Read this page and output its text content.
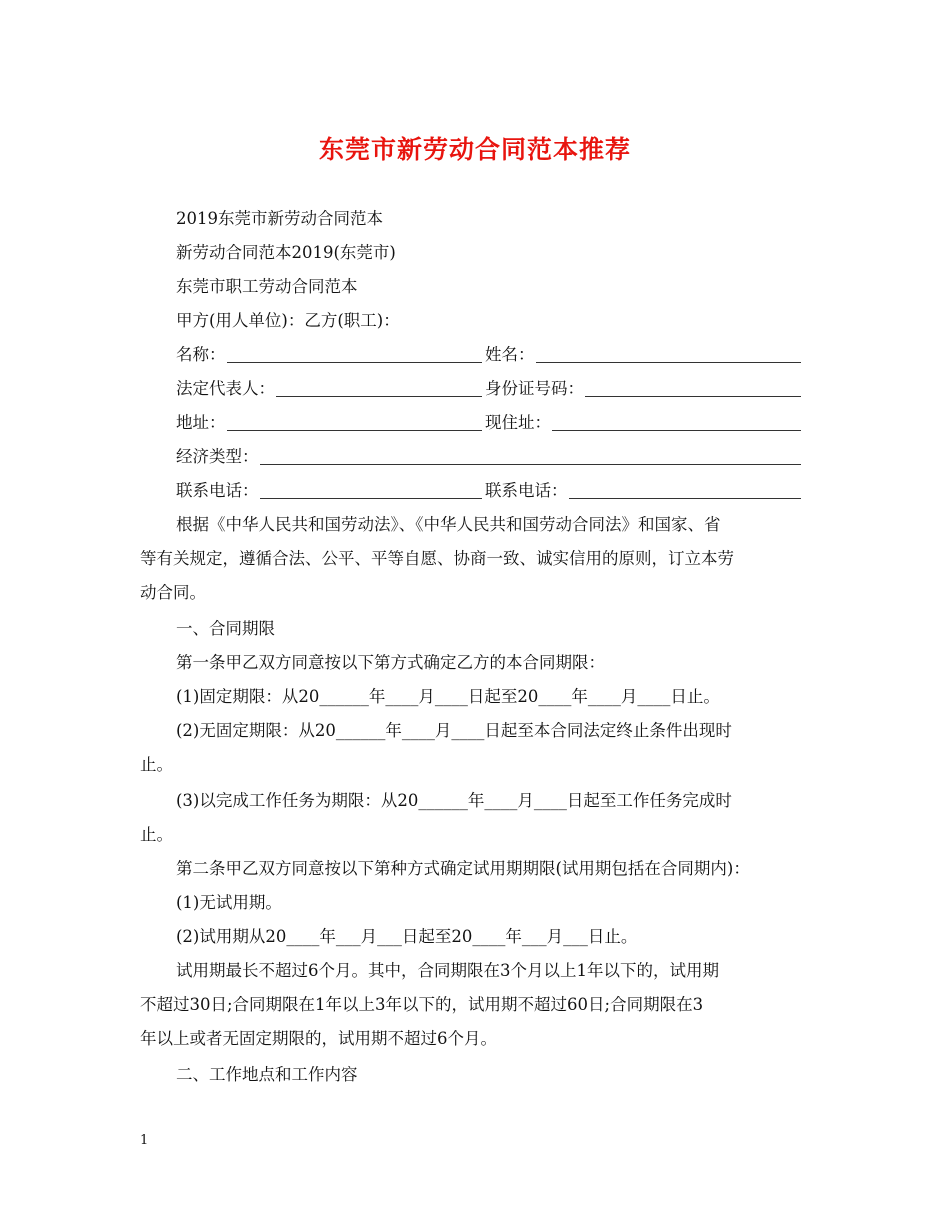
东莞市新劳动合同范本推荐
2019东莞市新劳动合同范本
新劳动合同范本2019(东莞市)
东莞市职工劳动合同范本
甲方(用人单位)：乙方(职工)：
名称：	姓名：
法定代表人：	身份证号码：
地址：	现住址：
经济类型：
联系电话：	联系电话：
根据《中华人民共和国劳动法》、《中华人民共和国劳动合同法》和国家、省
等有关规定，遵循合法、公平、平等自愿、协商一致、诚实信用的原则，订立本劳
动合同。
一、合同期限
第一条甲乙双方同意按以下第方式确定乙方的本合同期限：
(1)固定期限：从20______年____月____日起至20____年____月____日止。
(2)无固定期限：从20______年____月____日起至本合同法定终止条件出现时
止。
(3)以完成工作任务为期限：从20______年____月____日起至工作任务完成时
止。
第二条甲乙双方同意按以下第种方式确定试用期期限(试用期包括在合同期内)：
(1)无试用期。
(2)试用期从20____年___月___日起至20____年___月___日止。
试用期最长不超过6个月。其中，合同期限在3个月以上1年以下的，试用期
不超过30日;合同期限在1年以上3年以下的，试用期不超过60日;合同期限在3
年以上或者无固定期限的，试用期不超过6个月。
二、工作地点和工作内容
1
